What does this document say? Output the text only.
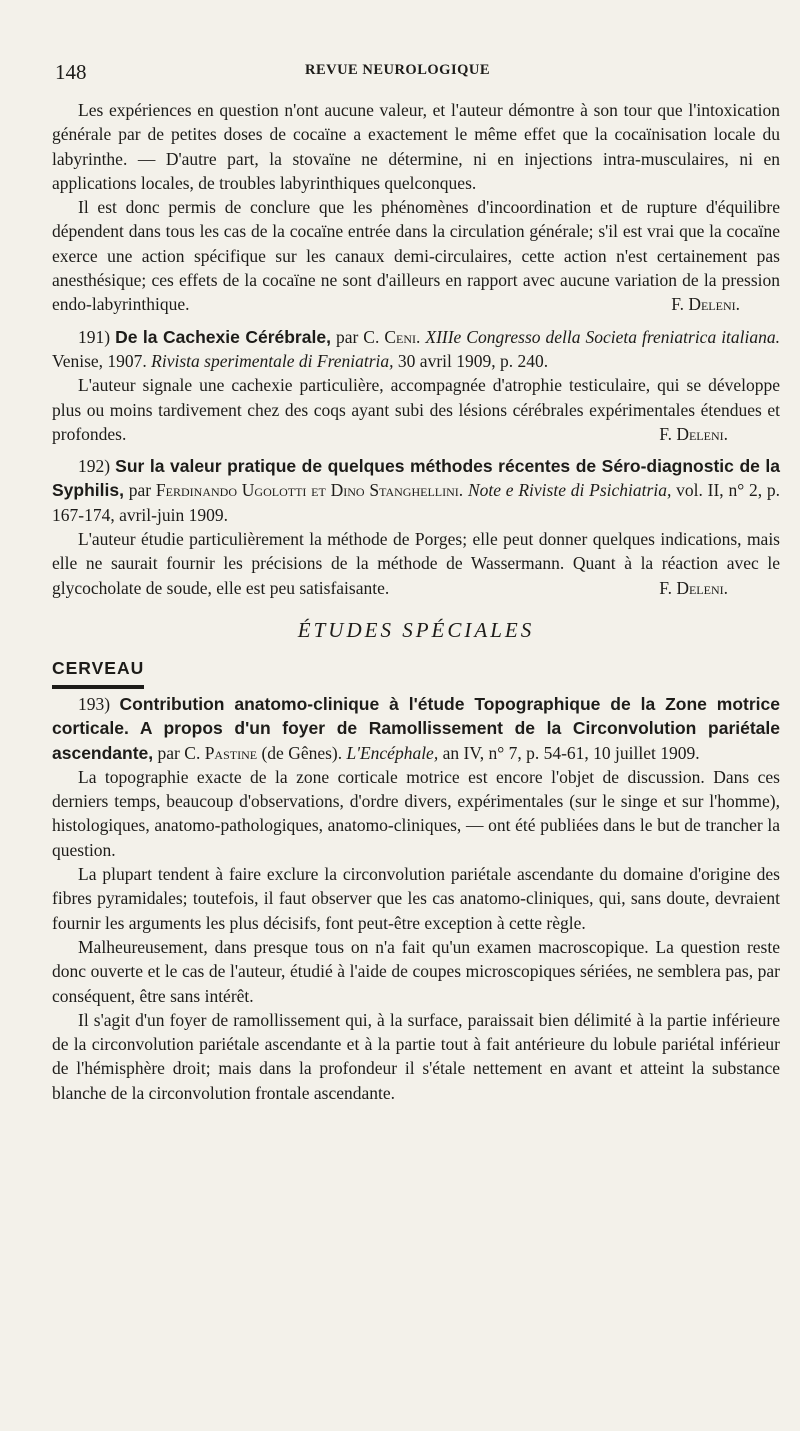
148	REVUE NEUROLOGIQUE

Les expériences en question n'ont aucune valeur, et l'auteur démontre à son tour que l'intoxication générale par de petites doses de cocaïne a exactement le même effet que la cocaïnisation locale du labyrinthe. — D'autre part, la stovaïne ne détermine, ni en injections intra-musculaires, ni en applications locales, de troubles labyrinthiques quelconques.

Il est donc permis de conclure que les phénomènes d'incoordination et de rupture d'équilibre dépendent dans tous les cas de la cocaïne entrée dans la circulation générale; s'il est vrai que la cocaïne exerce une action spécifique sur les canaux demi-circulaires, cette action n'est certainement pas anesthésique; ces effets de la cocaïne ne sont d'ailleurs en rapport avec aucune variation de la pression endo-labyrinthique.	F. Deleni.

191) De la Cachexie Cérébrale, par C. Ceni. XIIIe Congresso della Societa freniatrica italiana. Venise, 1907. Rivista sperimentale di Freniatria, 30 avril 1909, p. 240.

L'auteur signale une cachexie particulière, accompagnée d'atrophie testiculaire, qui se développe plus ou moins tardivement chez des coqs ayant subi des lésions cérébrales expérimentales étendues et profondes.	F. Deleni.

192) Sur la valeur pratique de quelques méthodes récentes de Séro-diagnostic de la Syphilis, par Ferdinando Ugolotti et Dino Stanghellini. Note e Riviste di Psichiatria, vol. II, n° 2, p. 167-174, avril-juin 1909.

L'auteur étudie particulièrement la méthode de Porges; elle peut donner quelques indications, mais elle ne saurait fournir les précisions de la méthode de Wassermann. Quant à la réaction avec le glycocholate de soude, elle est peu satisfaisante.	F. Deleni.

ÉTUDES SPÉCIALES
CERVEAU

193) Contribution anatomo-clinique à l'étude Topographique de la Zone motrice corticale. A propos d'un foyer de Ramollissement de la Circonvolution pariétale ascendante, par C. Pastine (de Gênes). L'Encéphale, an IV, n° 7, p. 54-61, 10 juillet 1909.

La topographie exacte de la zone corticale motrice est encore l'objet de discussion. Dans ces derniers temps, beaucoup d'observations, d'ordre divers, expérimentales (sur le singe et sur l'homme), histologiques, anatomo-pathologiques, anatomo-cliniques, — ont été publiées dans le but de trancher la question.

La plupart tendent à faire exclure la circonvolution pariétale ascendante du domaine d'origine des fibres pyramidales; toutefois, il faut observer que les cas anatomo-cliniques, qui, sans doute, devraient fournir les arguments les plus décisifs, font peut-être exception à cette règle.

Malheureusement, dans presque tous on n'a fait qu'un examen macroscopique. La question reste donc ouverte et le cas de l'auteur, étudié à l'aide de coupes microscopiques sériées, ne semblera pas, par conséquent, être sans intérêt.

Il s'agit d'un foyer de ramollissement qui, à la surface, paraissait bien délimité à la partie inférieure de la circonvolution pariétale ascendante et à la partie tout à fait antérieure du lobule pariétal inférieur de l'hémisphère droit; mais dans la profondeur il s'étale nettement en avant et atteint la substance blanche de la circonvolution frontale ascendante.
